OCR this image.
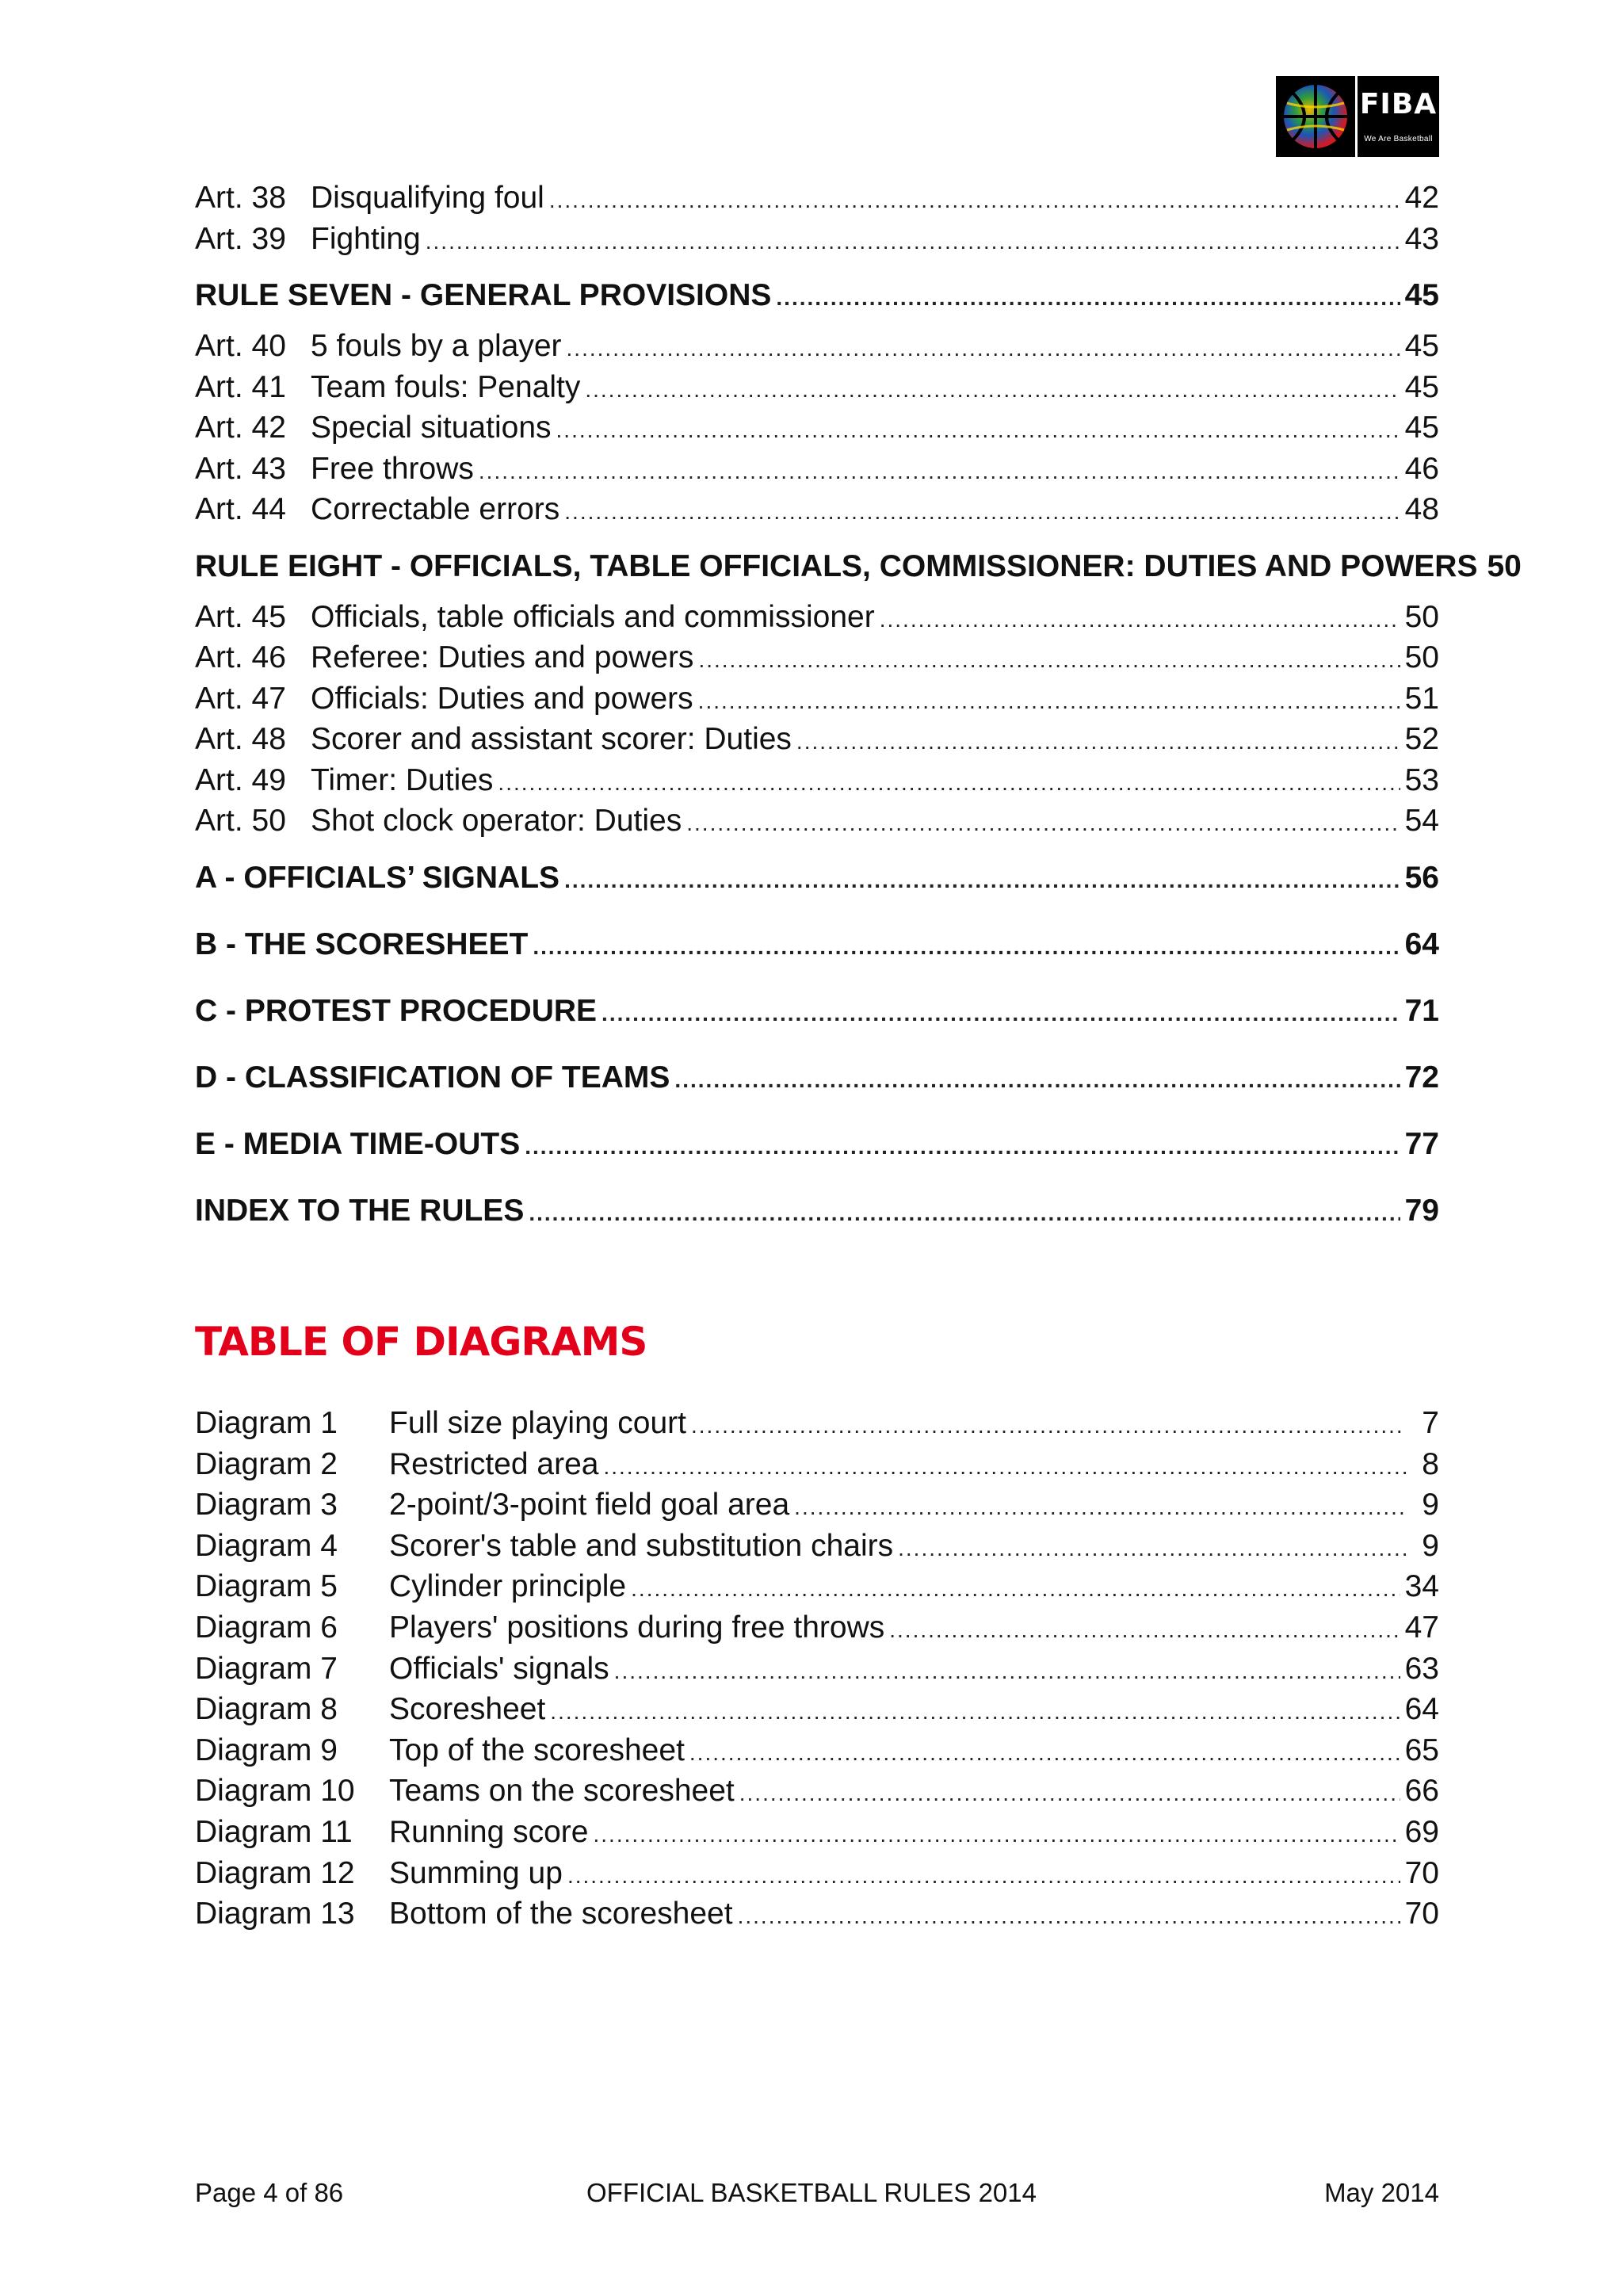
FIBA
We Are Basketball
Art. 38 Disqualifying foul .....	42
Art. 39 Fighting .....	43
RULE SEVEN - GENERAL PROVISIONS .....	45
Art. 40 5 fouls by a player .....	45
Art. 41 Team fouls: Penalty .....	45
Art. 42 Special situations .....	45
Art. 43 Free throws .....	46
Art. 44 Correctable errors .....	48
RULE EIGHT - OFFICIALS, TABLE OFFICIALS, COMMISSIONER: DUTIES AND POWERS 50
Art. 45 Officials, table officials and commissioner .....	50
Art. 46 Referee: Duties and powers .....	50
Art. 47 Officials: Duties and powers .....	51
Art. 48 Scorer and assistant scorer: Duties .....	52
Art. 49 Timer: Duties .....	53
Art. 50 Shot clock operator: Duties .....	54
A - OFFICIALS’ SIGNALS .....	56
B - THE SCORESHEET .....	64
C - PROTEST PROCEDURE .....	71
D - CLASSIFICATION OF TEAMS .....	72
E - MEDIA TIME-OUTS .....	77
INDEX TO THE RULES .....	79
Diagram 1	Full size playing court .....	7
Diagram 2	Restricted area .....	8
Diagram 3	2-point/3-point field goal area .....	9
Diagram 4	Scorer's table and substitution chairs .....	9
Diagram 5	Cylinder principle .....	34
Diagram 6	Players' positions during free throws .....	47
Diagram 7	Officials' signals .....	63
Diagram 8	Scoresheet .....	64
Diagram 9	Top of the scoresheet .....	65
Diagram 10	Teams on the scoresheet .....	66
Diagram 11	Running score .....	69
Diagram 12	Summing up .....	70
Diagram 13	Bottom of the scoresheet .....	70
TABLE OF DIAGRAMS
Page 4 of 86	OFFICIAL BASKETBALL RULES 2014	May 2014
